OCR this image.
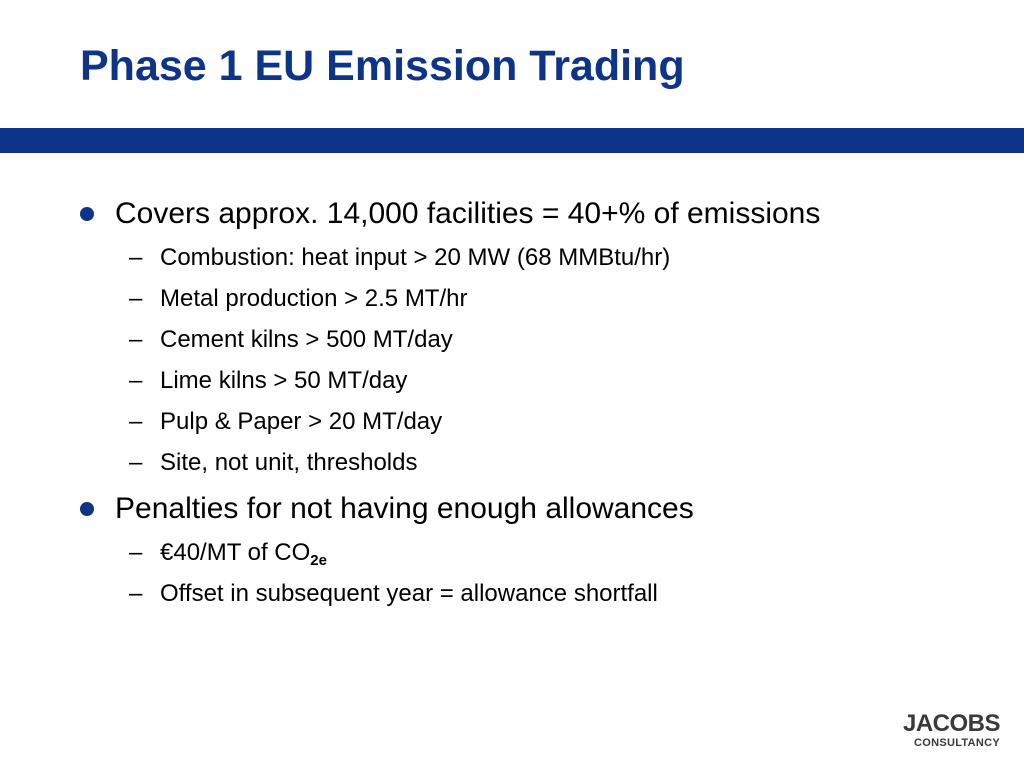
Phase 1 EU Emission Trading
Covers approx. 14,000 facilities = 40+% of emissions
– Combustion: heat input > 20 MW (68 MMBtu/hr)
– Metal production > 2.5 MT/hr
– Cement kilns > 500 MT/day
– Lime kilns > 50 MT/day
– Pulp & Paper > 20 MT/day
– Site, not unit, thresholds
Penalties for not having enough allowances
– €40/MT of $CO_{2e}$
– Offset in subsequent year = allowance shortfall
JACOBS
CONSULTANCY
